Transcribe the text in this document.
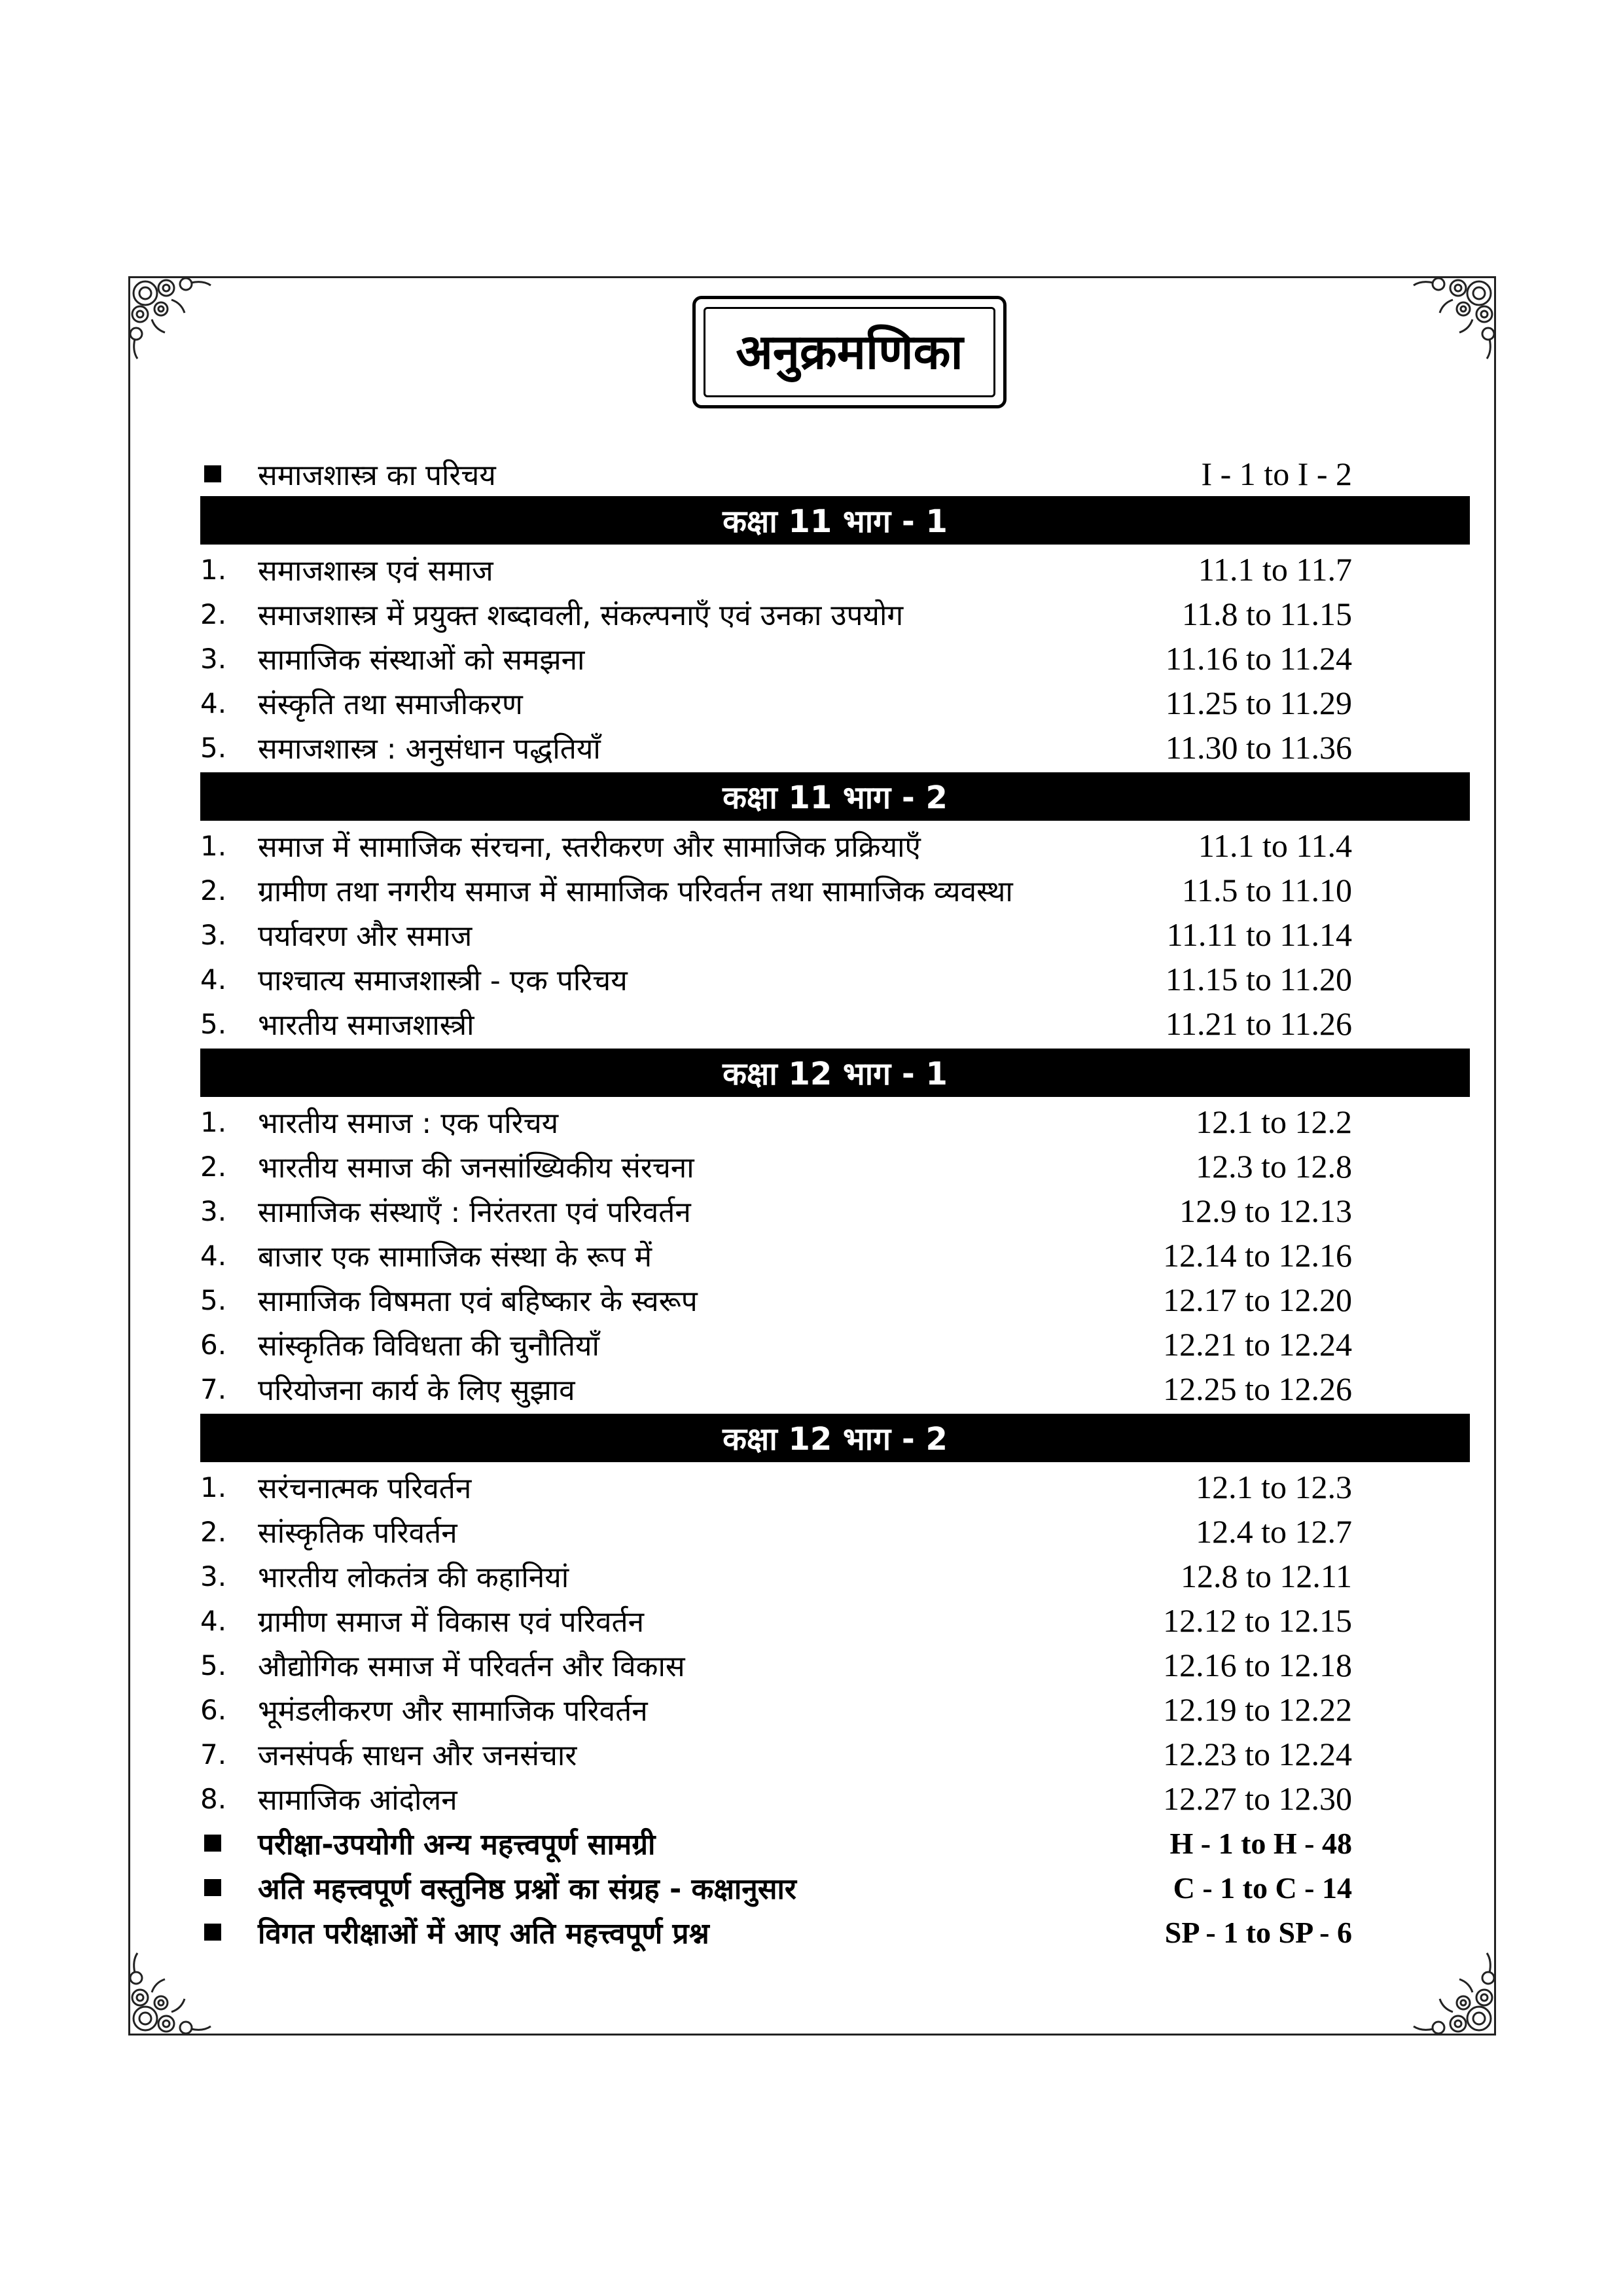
अनुक्रमणिका
समाजशास्त्र का परिचय	I - 1 to I - 2
कक्षा 11 भाग - 1
1.	समाजशास्त्र एवं समाज	11.1 to 11.7
2.	समाजशास्त्र में प्रयुक्त शब्दावली, संकल्पनाएँ एवं उनका उपयोग	11.8 to 11.15
3.	सामाजिक संस्थाओं को समझना	11.16 to 11.24
4.	संस्कृति तथा समाजीकरण	11.25 to 11.29
5.	समाजशास्त्र : अनुसंधान पद्धतियाँ	11.30 to 11.36
कक्षा 11 भाग - 2
1.	समाज में सामाजिक संरचना, स्तरीकरण और सामाजिक प्रक्रियाएँ	11.1 to 11.4
2.	ग्रामीण तथा नगरीय समाज में सामाजिक परिवर्तन तथा सामाजिक व्यवस्था	11.5 to 11.10
3.	पर्यावरण और समाज	11.11 to 11.14
4.	पाश्चात्य समाजशास्त्री - एक परिचय	11.15 to 11.20
5.	भारतीय समाजशास्त्री	11.21 to 11.26
कक्षा 12 भाग - 1
1.	भारतीय समाज : एक परिचय	12.1 to 12.2
2.	भारतीय समाज की जनसांख्यिकीय संरचना	12.3 to 12.8
3.	सामाजिक संस्थाएँ : निरंतरता एवं परिवर्तन	12.9 to 12.13
4.	बाजार एक सामाजिक संस्था के रूप में	12.14 to 12.16
5.	सामाजिक विषमता एवं बहिष्कार के स्वरूप	12.17 to 12.20
6.	सांस्कृतिक विविधता की चुनौतियाँ	12.21 to 12.24
7.	परियोजना कार्य के लिए सुझाव	12.25 to 12.26
कक्षा 12 भाग - 2
1.	सरंचनात्मक परिवर्तन	12.1 to 12.3
2.	सांस्कृतिक परिवर्तन	12.4 to 12.7
3.	भारतीय लोकतंत्र की कहानियां	12.8 to 12.11
4.	ग्रामीण समाज में विकास एवं परिवर्तन	12.12 to 12.15
5.	औद्योगिक समाज में परिवर्तन और विकास	12.16 to 12.18
6.	भूमंडलीकरण और सामाजिक परिवर्तन	12.19 to 12.22
7.	जनसंपर्क साधन और जनसंचार	12.23 to 12.24
8.	सामाजिक आंदोलन	12.27 to 12.30
परीक्षा-उपयोगी अन्य महत्त्वपूर्ण सामग्री	H - 1 to H - 48
अति महत्त्वपूर्ण वस्तुनिष्ठ प्रश्नों का संग्रह - कक्षानुसार	C - 1 to C - 14
विगत परीक्षाओं में आए अति महत्त्वपूर्ण प्रश्न	SP - 1 to SP - 6
